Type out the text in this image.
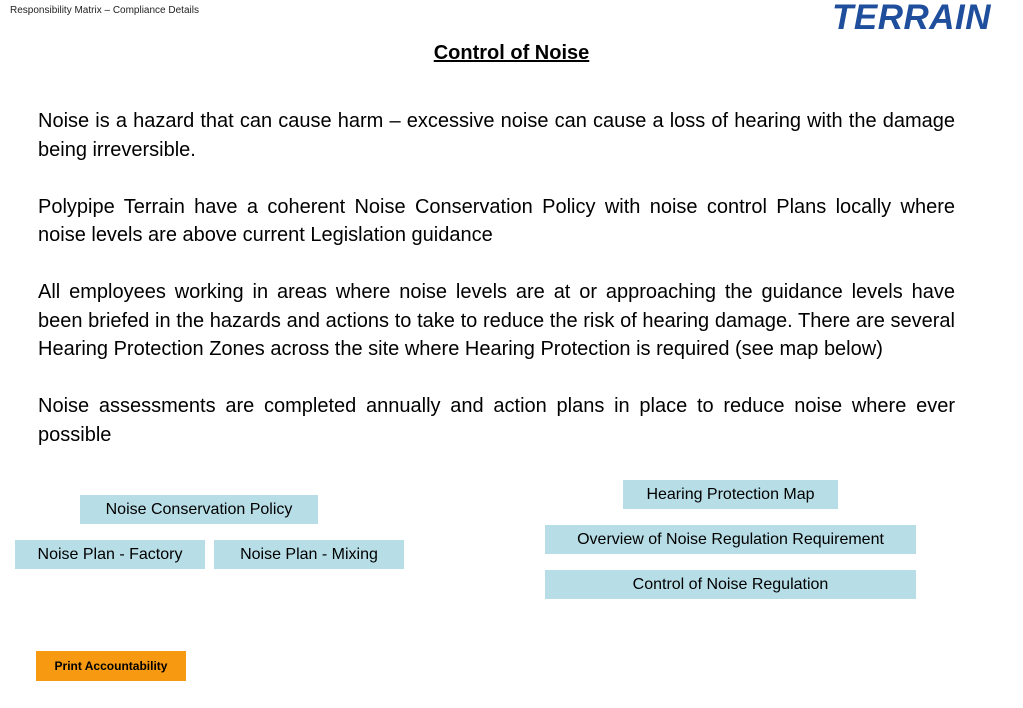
Responsibility Matrix – Compliance Details	TERRAIN
Control of Noise

Noise is a hazard that can cause harm – excessive noise can cause a loss of hearing with the damage being irreversible.

Polypipe Terrain have a coherent Noise Conservation Policy with noise control Plans locally where noise levels are above current Legislation guidance

All employees working in areas where noise levels are at or approaching the guidance levels have been briefed in the hazards and actions to take to reduce the risk of hearing damage. There are several Hearing Protection Zones across the site where Hearing Protection is required (see map below)

Noise assessments are completed annually and action plans in place to reduce noise where ever possible

Noise Conservation Policy
Noise Plan - Factory	Noise Plan - Mixing
Hearing Protection Map
Overview of Noise Regulation Requirement
Control of Noise Regulation
Print Accountability
